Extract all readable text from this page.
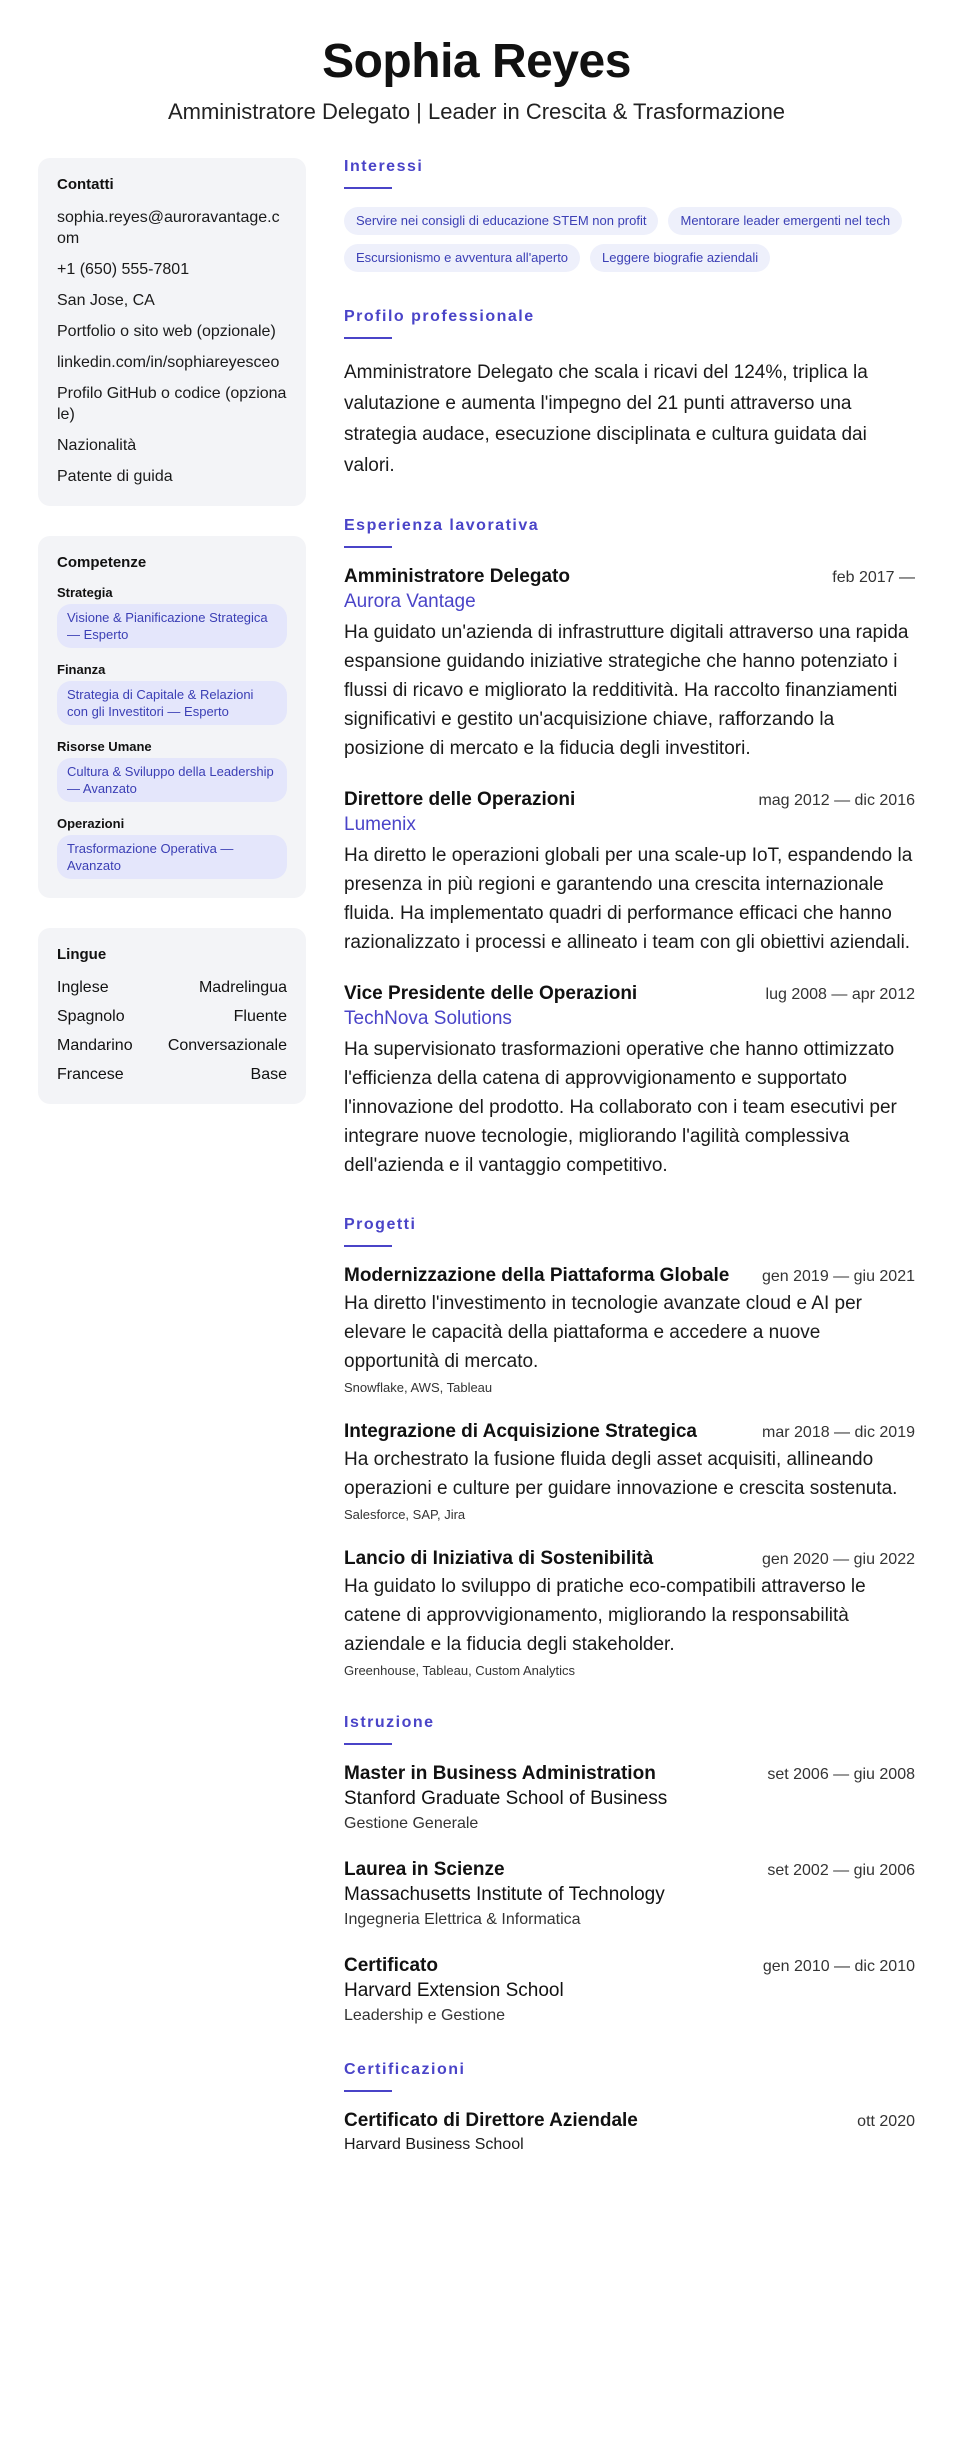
Sophia Reyes
Amministratore Delegato | Leader in Crescita & Trasformazione
Contatti
sophia.reyes@auroravantage.com
+1 (650) 555-7801
San Jose, CA
Portfolio o sito web (opzionale)
linkedin.com/in/sophiareyesceo
Profilo GitHub o codice (opzionale)
Nazionalità
Patente di guida
Competenze
Strategia
Visione & Pianificazione Strategica — Esperto
Finanza
Strategia di Capitale & Relazioni con gli Investitori — Esperto
Risorse Umane
Cultura & Sviluppo della Leadership — Avanzato
Operazioni
Trasformazione Operativa — Avanzato
Lingue
Inglese	Madrelingua
Spagnolo	Fluente
Mandarino Conversazionale
Francese	Base
Interessi
Servire nei consigli di educazione STEM non profit	Mentorare leader emergenti nel tech
Escursionismo e avventura all'aperto	Leggere biografie aziendali
Profilo professionale
Amministratore Delegato che scala i ricavi del 124%, triplica la valutazione e aumenta l'impegno del 21 punti attraverso una strategia audace, esecuzione disciplinata e cultura guidata dai valori.
Esperienza lavorativa
Amministratore Delegato	feb 2017 —
Aurora Vantage
Ha guidato un'azienda di infrastrutture digitali attraverso una rapida espansione guidando iniziative strategiche che hanno potenziato i flussi di ricavo e migliorato la redditività. Ha raccolto finanziamenti significativi e gestito un'acquisizione chiave, rafforzando la posizione di mercato e la fiducia degli investitori.
Direttore delle Operazioni	mag 2012 — dic 2016
Lumenix
Ha diretto le operazioni globali per una scale-up IoT, espandendo la presenza in più regioni e garantendo una crescita internazionale fluida. Ha implementato quadri di performance efficaci che hanno razionalizzato i processi e allineato i team con gli obiettivi aziendali.
Vice Presidente delle Operazioni	lug 2008 — apr 2012
TechNova Solutions
Ha supervisionato trasformazioni operative che hanno ottimizzato l'efficienza della catena di approvvigionamento e supportato l'innovazione del prodotto. Ha collaborato con i team esecutivi per integrare nuove tecnologie, migliorando l'agilità complessiva dell'azienda e il vantaggio competitivo.
Progetti
Modernizzazione della Piattaforma Globale gen 2019 — giu 2021
Ha diretto l'investimento in tecnologie avanzate cloud e AI per elevare le capacità della piattaforma e accedere a nuove opportunità di mercato.
Snowflake, AWS, Tableau
Integrazione di Acquisizione Strategica	mar 2018 — dic 2019
Ha orchestrato la fusione fluida degli asset acquisiti, allineando operazioni e culture per guidare innovazione e crescita sostenuta.
Salesforce, SAP, Jira
Lancio di Iniziativa di Sostenibilità	gen 2020 — giu 2022
Ha guidato lo sviluppo di pratiche eco-compatibili attraverso le catene di approvvigionamento, migliorando la responsabilità aziendale e la fiducia degli stakeholder.
Greenhouse, Tableau, Custom Analytics
Istruzione
Master in Business Administration	set 2006 — giu 2008
Stanford Graduate School of Business
Gestione Generale
Laurea in Scienze	set 2002 — giu 2006
Massachusetts Institute of Technology
Ingegneria Elettrica & Informatica
Certificato	gen 2010 — dic 2010
Harvard Extension School
Leadership e Gestione
Certificazioni
Certificato di Direttore Aziendale	ott 2020
Harvard Business School
